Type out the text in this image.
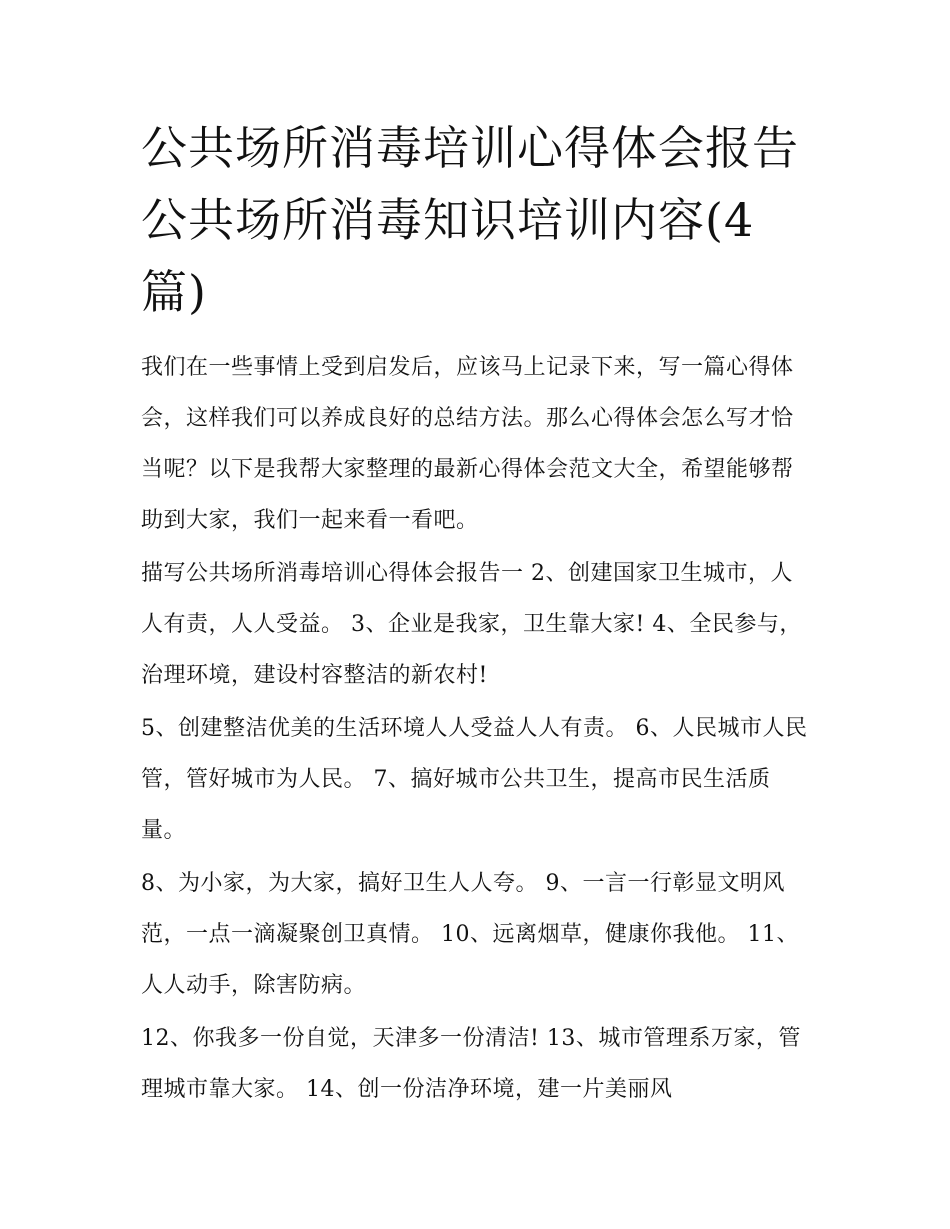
公共场所消毒培训心得体会报告 公共场所消毒知识培训内容(4篇)

我们在一些事情上受到启发后，应该马上记录下来，写一篇心得体会，这样我们可以养成良好的总结方法。那么心得体会怎么写才恰当呢？以下是我帮大家整理的最新心得体会范文大全，希望能够帮助到大家，我们一起来看一看吧。

描写公共场所消毒培训心得体会报告一 2、创建国家卫生城市，人人有责，人人受益。 3、企业是我家，卫生靠大家! 4、全民参与，治理环境，建设村容整洁的新农村!

5、创建整洁优美的生活环境人人受益人人有责。 6、人民城市人民管，管好城市为人民。 7、搞好城市公共卫生，提高市民生活质量。

8、为小家，为大家，搞好卫生人人夸。 9、一言一行彰显文明风范，一点一滴凝聚创卫真情。 10、远离烟草，健康你我他。 11、人人动手，除害防病。

12、你我多一份自觉，天津多一份清洁! 13、城市管理系万家，管理城市靠大家。 14、创一份洁净环境，建一片美丽风
